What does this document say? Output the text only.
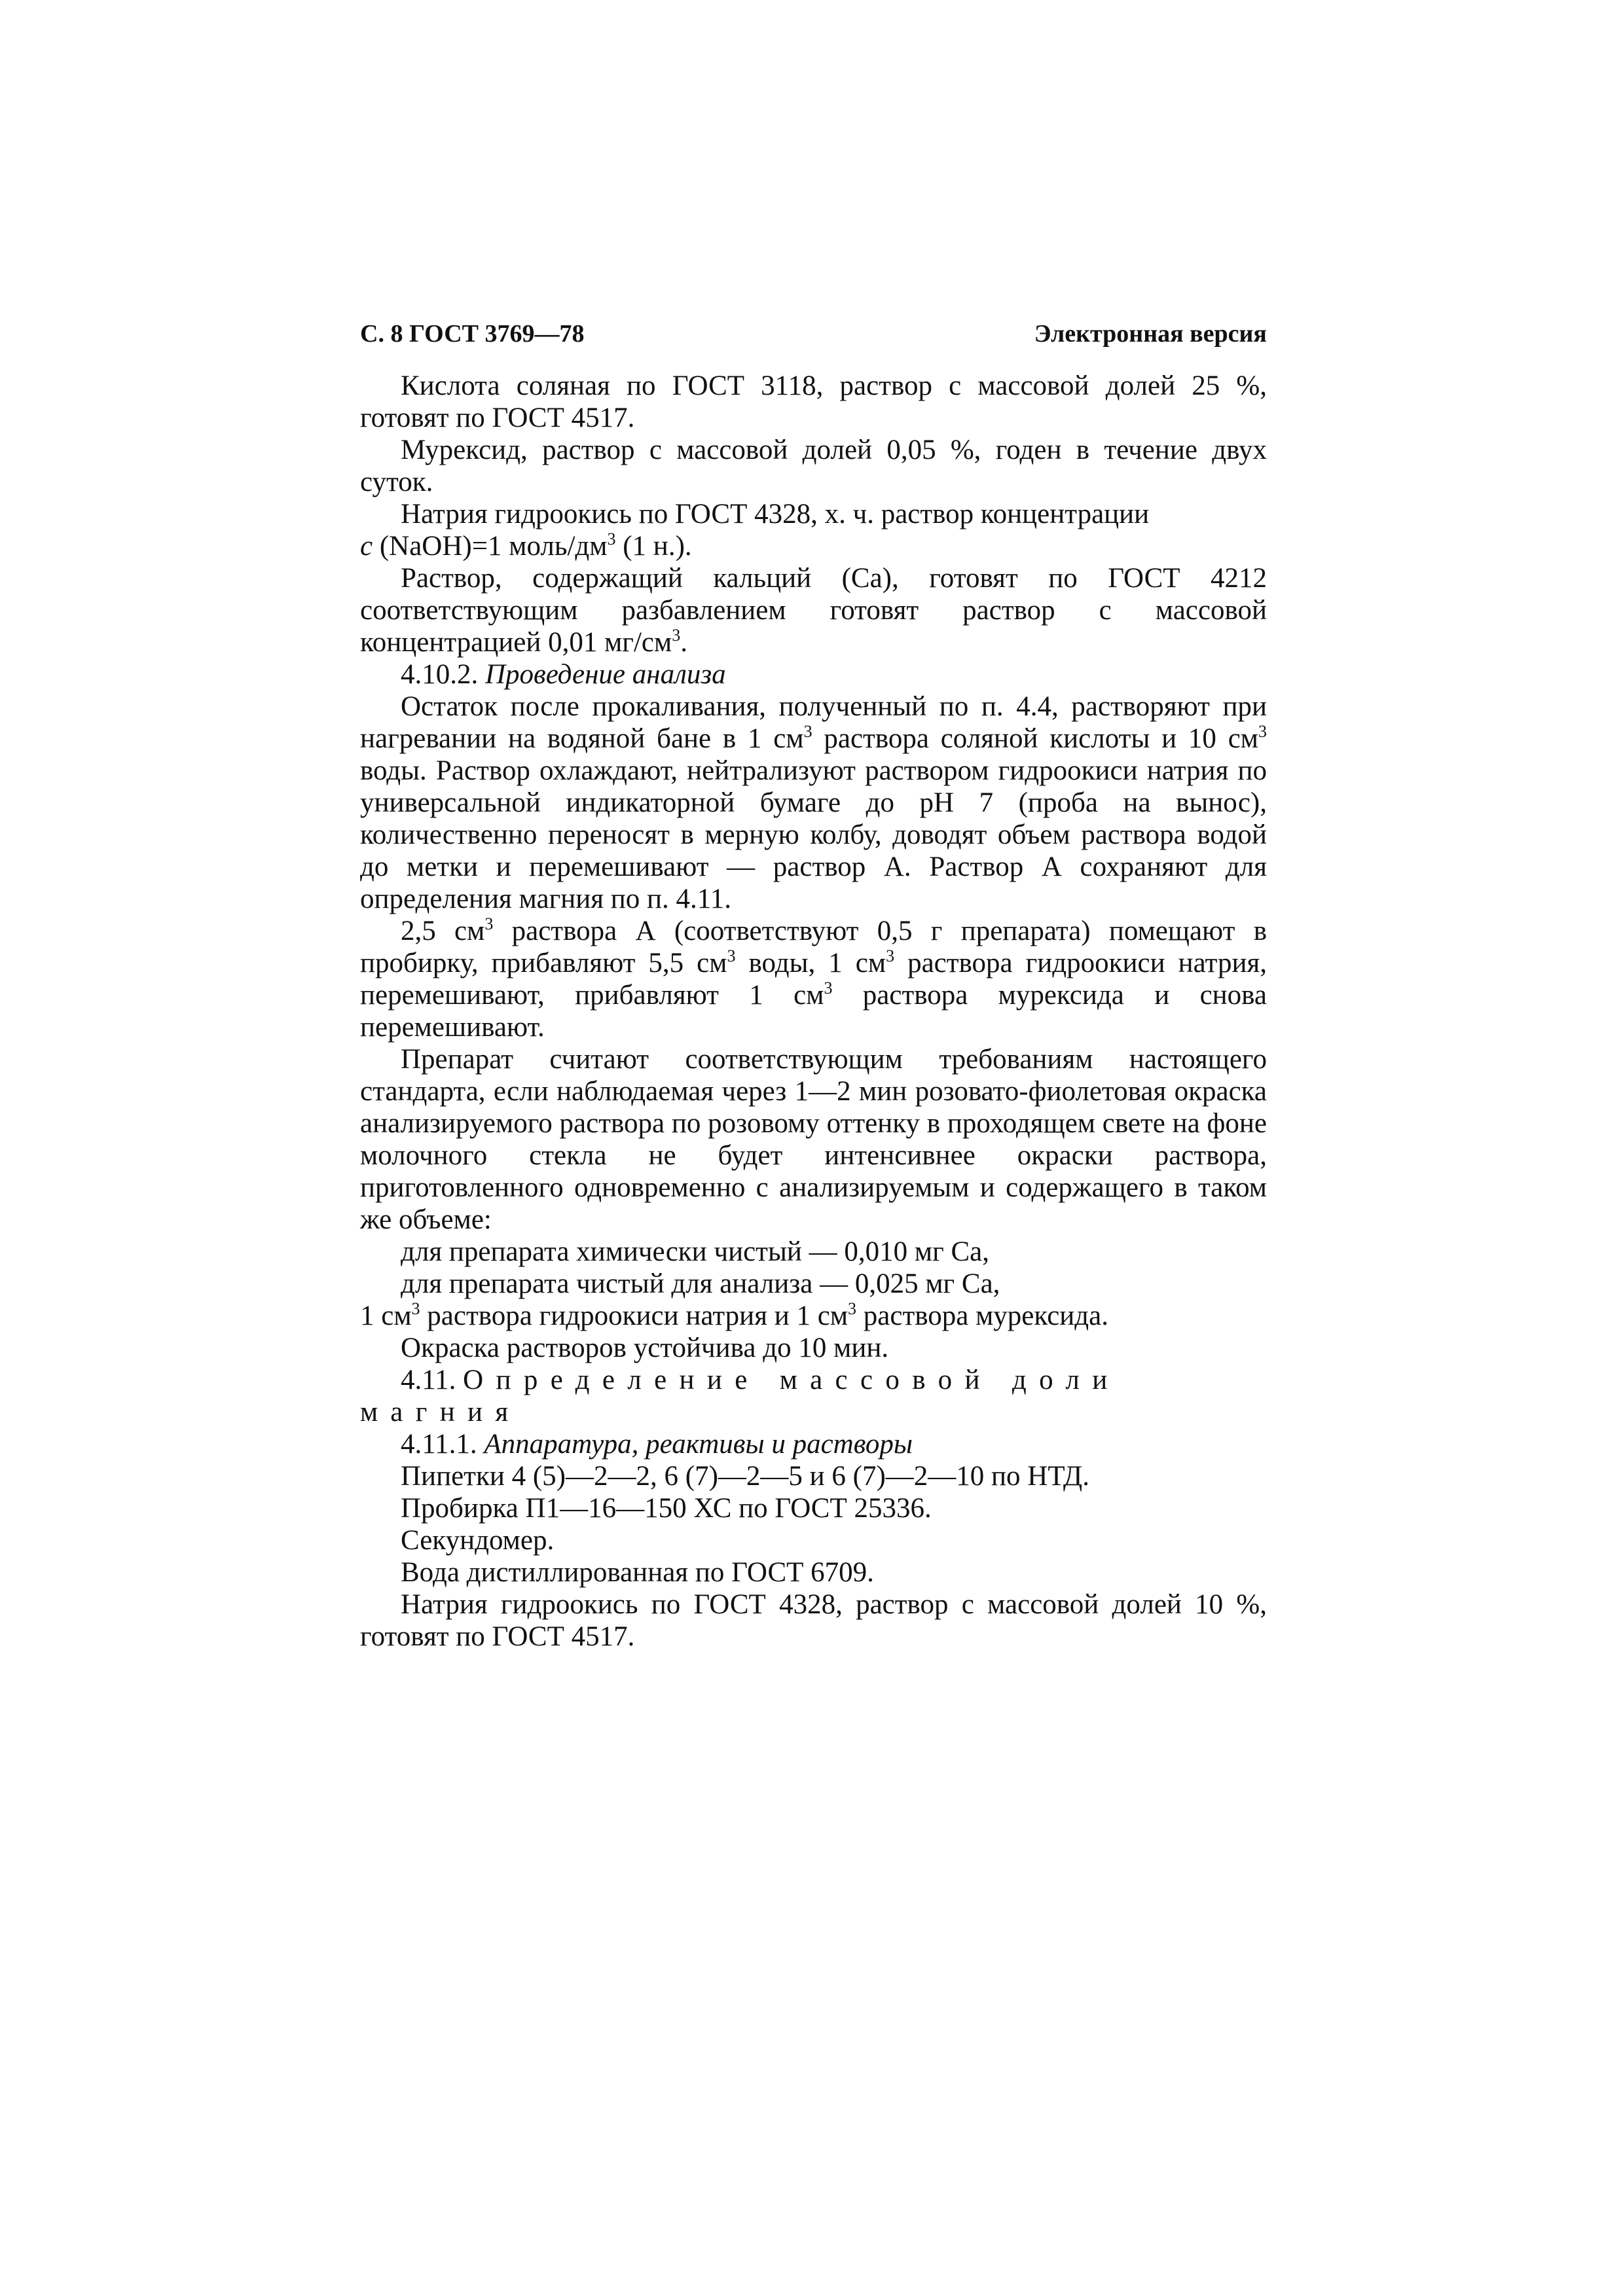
С. 8 ГОСТ 3769—78	Электронная версия

Кислота соляная по ГОСТ 3118, раствор с массовой долей 25 %, готовят по ГОСТ 4517.

Мурексид, раствор с массовой долей 0,05 %, годен в течение двух суток.

Натрия гидроокись по ГОСТ 4328, х. ч. раствор концентрации
c (NaOH)=1 моль/$дм^3$ (1 н.).

Раствор, содержащий кальций (Са), готовят по ГОСТ 4212 соответствующим разбавлением готовят раствор с массовой концентрацией 0,01 $мг/см^3$.

4.10.2. Проведение анализа

Остаток после прокаливания, полученный по п. 4.4, растворяют при нагревании на водяной бане в 1 $см^3$ раствора соляной кислоты и 10 $см^3$ воды. Раствор охлаждают, нейтрализуют раствором гидроокиси натрия по универсальной индикаторной бумаге до pH 7 (проба на вынос), количественно переносят в мерную колбу, доводят объем раствора водой до метки и перемешивают — раствор А. Раствор А сохраняют для определения магния по п. 4.11.

2,5 $см^3$ раствора А (соответствуют 0,5 г препарата) помещают в пробирку, прибавляют 5,5 $см^3$ воды, 1 $см^3$ раствора гидроокиси натрия, перемешивают, прибавляют 1 $см^3$ раствора мурексида и снова перемешивают.

Препарат считают соответствующим требованиям настоящего стандарта, если наблюдаемая через 1—2 мин розовато-фиолетовая окраска анализируемого раствора по розовому оттенку в проходящем свете на фоне молочного стекла не будет интенсивнее окраски раствора, приготовленного одновременно с анализируемым и содержащего в таком же объеме:

для препарата химически чистый — 0,010 мг Са,

для препарата чистый для анализа — 0,025 мг Са,

1 $см^3$ раствора гидроокиси натрия и 1 $см^3$ раствора мурексида.

Окраска растворов устойчива до 10 мин.

4.11. Определение массовой доли магния

4.11.1. Аппаратура, реактивы и растворы

Пипетки 4 (5)—2—2, 6 (7)—2—5 и 6 (7)—2—10 по НТД.

Пробирка П1—16—150 ХС по ГОСТ 25336.

Секундомер.

Вода дистиллированная по ГОСТ 6709.

Натрия гидроокись по ГОСТ 4328, раствор с массовой долей 10 %, готовят по ГОСТ 4517.
